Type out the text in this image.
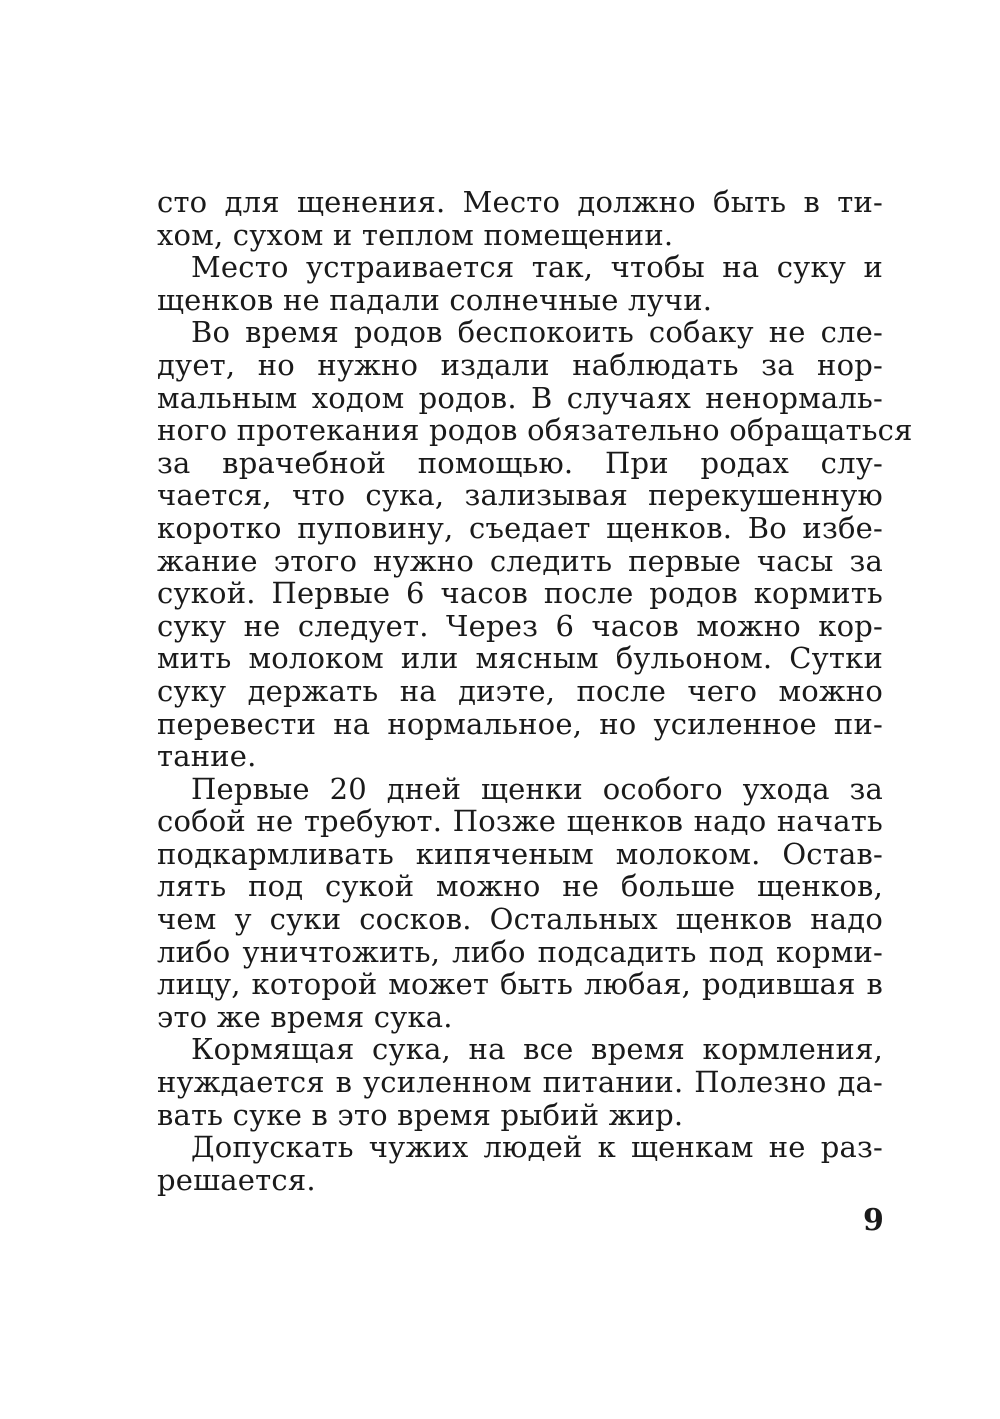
сто для щенения. Место должно быть в ти-
хом, сухом и теплом помещении.

Место устраивается так, чтобы на суку и
щенков не падали солнечные лучи.

Во время родов беспокоить собаку не сле-
дует, но нужно издали наблюдать за нор-
мальным ходом родов. В случаях ненормаль-
ного протекания родов обязательно обращаться
за врачебной помощью. При родах слу-
чается, что сука, зализывая перекушенную
коротко пуповину, съедает щенков. Во избе-
жание этого нужно следить первые часы за
сукой. Первые 6 часов после родов кормить
суку не следует. Через 6 часов можно кор-
мить молоком или мясным бульоном. Сутки
суку держать на диэте, после чего можно
перевести на нормальное, но усиленное пи-
тание.

Первые 20 дней щенки особого ухода за
собой не требуют. Позже щенков надо начать
подкармливать кипяченым молоком. Остав-
лять под сукой можно не больше щенков,
чем у суки сосков. Остальных щенков надо
либо уничтожить, либо подсадить под корми-
лицу, которой может быть любая, родившая в
это же время сука.

Кормящая сука, на все время кормления,
нуждается в усиленном питании. Полезно да-
вать суке в это время рыбий жир.

Допускать чужих людей к щенкам не раз-
решается.

9
